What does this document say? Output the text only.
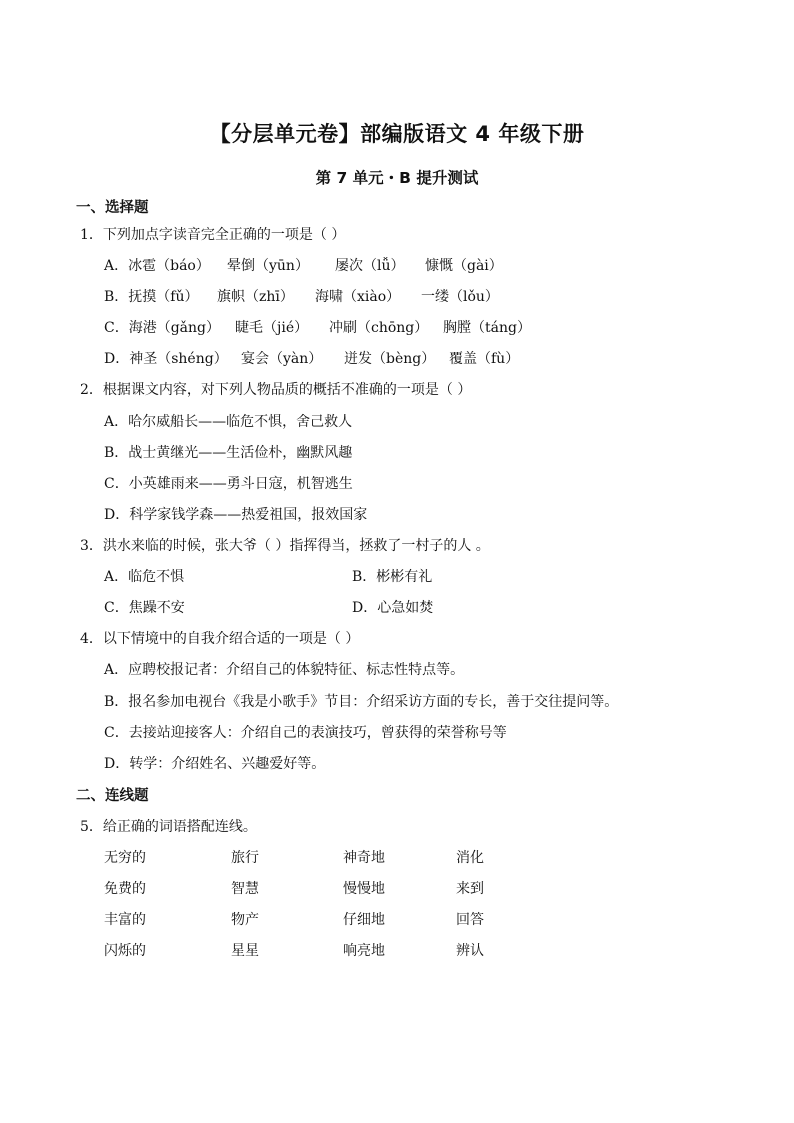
【分层单元卷】部编版语文 4 年级下册
第 7 单元・B 提升测试
一、选择题
1．下列加点字读音完全正确的一项是（ ）
A．冰雹（báo） 晕倒（yūn） 屡次（lǚ） 慷慨（gài）
B．抚摸（fǔ） 旗帜（zhī） 海啸（xiào） 一缕（lǒu）
C．海港（gǎng） 睫毛（jié） 冲刷（chōng） 胸膛（táng）
D．神圣（shéng） 宴会（yàn） 迸发（bèng） 覆盖（fù）
2．根据课文内容，对下列人物品质的概括不准确的一项是（ ）
A．哈尔威船长——临危不惧，舍己救人
B．战士黄继光——生活俭朴，幽默风趣
C．小英雄雨来——勇斗日寇，机智逃生
D．科学家钱学森——热爱祖国，报效国家
3．洪水来临的时候，张大爷（ ）指挥得当，拯救了一村子的人 。
A．临危不惧	B．彬彬有礼
C．焦躁不安	D．心急如焚
4．以下情境中的自我介绍合适的一项是（ ）
A．应聘校报记者：介绍自己的体貌特征、标志性特点等。
B．报名参加电视台《我是小歌手》节目：介绍采访方面的专长，善于交往提问等。
C．去接站迎接客人：介绍自己的表演技巧，曾获得的荣誉称号等
D．转学：介绍姓名、兴趣爱好等。
二、连线题
5．给正确的词语搭配连线。
无穷的	旅行	神奇地	消化
免费的	智慧	慢慢地	来到
丰富的	物产	仔细地	回答
闪烁的	星星	响亮地	辨认
